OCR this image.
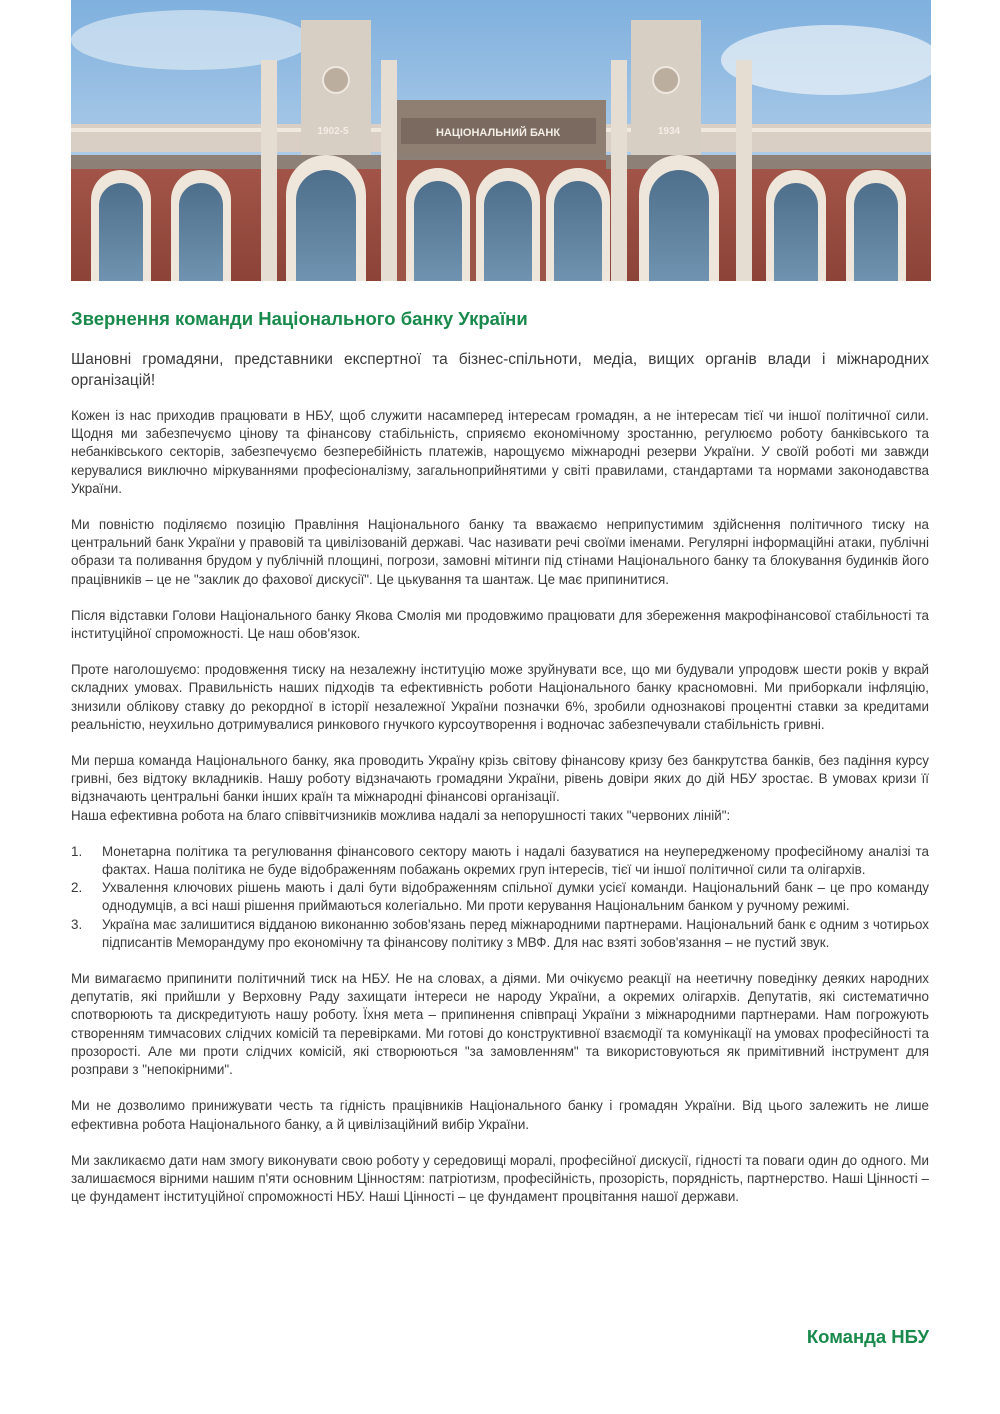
НАЦІОНАЛЬНИЙ БАНК
1902-5	1934
Звернення команди Національного банку України

Шановні громадяни, представники експертної та бізнес-спільноти, медіа, вищих органів влади і міжнародних організацій!

Кожен із нас приходив працювати в НБУ, щоб служити насамперед інтересам громадян, а не інтересам тієї чи іншої політичної сили. Щодня ми забезпечуємо цінову та фінансову стабільність, сприяємо економічному зростанню, регулюємо роботу банківського та небанківського секторів, забезпечуємо безперебійність платежів, нарощуємо міжнародні резерви України. У своїй роботі ми завжди керувалися виключно міркуваннями професіоналізму, загальноприйнятими у світі правилами, стандартами та нормами законодавства України.

Ми повністю поділяємо позицію Правління Національного банку та вважаємо неприпустимим здійснення політичного тиску на центральний банк України у правовій та цивілізованій державі. Час називати речі своїми іменами. Регулярні інформаційні атаки, публічні образи та поливання брудом у публічній площині, погрози, замовні мітинги під стінами Національного банку та блокування будинків його працівників – це не "заклик до фахової дискусії". Це цькування та шантаж. Це має припинитися.

Після відставки Голови Національного банку Якова Смолія ми продовжимо працювати для збереження макрофінансової стабільності та інституційної спроможності. Це наш обов'язок.

Проте наголошуємо: продовження тиску на незалежну інституцію може зруйнувати все, що ми будували упродовж шести років у вкрай складних умовах. Правильність наших підходів та ефективність роботи Національного банку красномовні. Ми приборкали інфляцію, знизили облікову ставку до рекордної в історії незалежної України позначки 6%, зробили однознакові процентні ставки за кредитами реальністю, неухильно дотримувалися ринкового гнучкого курсоутворення і водночас забезпечували стабільність гривні.

Ми перша команда Національного банку, яка проводить Україну крізь світову фінансову кризу без банкрутства банків, без падіння курсу гривні, без відтоку вкладників. Нашу роботу відзначають громадяни України, рівень довіри яких до дій НБУ зростає. В умовах кризи її відзначають центральні банки інших країн та міжнародні фінансові організації.

Наша ефективна робота на благо співвітчизників можлива надалі за непорушності таких "червоних ліній":

1. Монетарна політика та регулювання фінансового сектору мають і надалі базуватися на неупередженому професійному аналізі та фактах. Наша політика не буде відображенням побажань окремих груп інтересів, тієї чи іншої політичної сили та олігархів.
2. Ухвалення ключових рішень мають і далі бути відображенням спільної думки усієї команди. Національний банк – це про команду однодумців, а всі наші рішення приймаються колегіально. Ми проти керування Національним банком у ручному режимі.
3. Україна має залишитися відданою виконанню зобов'язань перед міжнародними партнерами. Національний банк є одним з чотирьох підписантів Меморандуму про економічну та фінансову політику з МВФ. Для нас взяті зобов'язання – не пустий звук.

Ми вимагаємо припинити політичний тиск на НБУ. Не на словах, а діями. Ми очікуємо реакції на неетичну поведінку деяких народних депутатів, які прийшли у Верховну Раду захищати інтереси не народу України, а окремих олігархів. Депутатів, які систематично спотворюють та дискредитують нашу роботу. Їхня мета – припинення співпраці України з міжнародними партнерами. Нам погрожують створенням тимчасових слідчих комісій та перевірками. Ми готові до конструктивної взаємодії та комунікації на умовах професійності та прозорості. Але ми проти слідчих комісій, які створюються "за замовленням" та використовуються як примітивний інструмент для розправи з "непокірними".

Ми не дозволимо принижувати честь та гідність працівників Національного банку і громадян України. Від цього залежить не лише ефективна робота Національного банку, а й цивілізаційний вибір України.

Ми закликаємо дати нам змогу виконувати свою роботу у середовищі моралі, професійної дискусії, гідності та поваги один до одного. Ми залишаємося вірними нашим п'яти основним Цінностям: патріотизм, професійність, прозорість, порядність, партнерство. Наші Цінності – це фундамент інституційної спроможності НБУ. Наші Цінності – це фундамент процвітання нашої держави.

Команда НБУ
